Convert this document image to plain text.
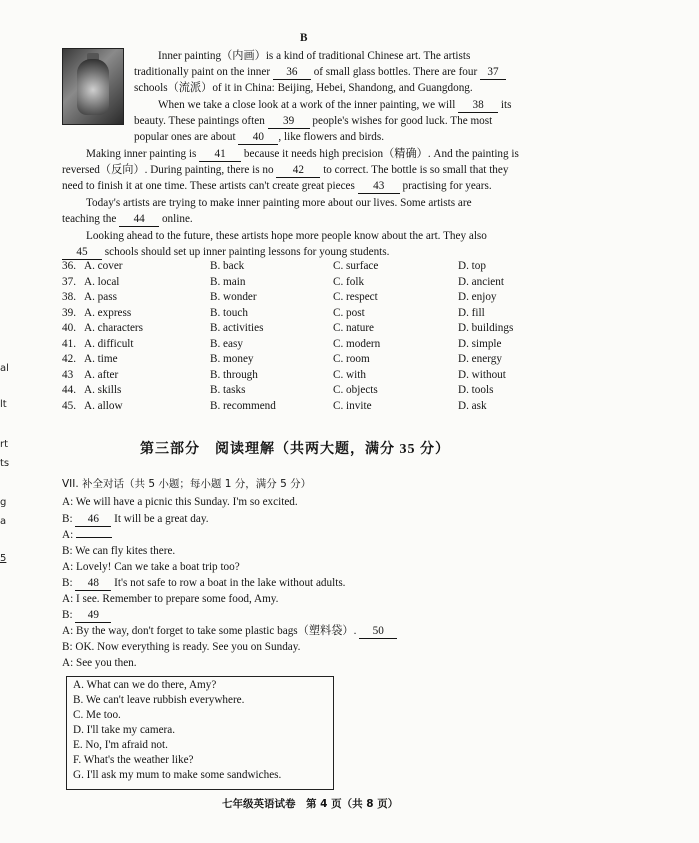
B
Inner painting（内画）is a kind of traditional Chinese art. The artists
traditionally paint on the inner 36 of small glass bottles. There are four 37
schools（流派）of it in China: Beijing, Hebei, Shandong, and Guangdong.
When we take a close look at a work of the inner painting, we will 38 its
beauty. These paintings often 39 people's wishes for good luck. The most
popular ones are about 40 , like flowers and birds.
Making inner painting is 41 because it needs high precision（精确）. And the painting is
reversed（反向）. During painting, there is no 42 to correct. The bottle is so small that they
need to finish it at one time. These artists can't create great pieces 43 practising for years.
Today's artists are trying to make inner painting more about our lives. Some artists are
teaching the 44 online.
Looking ahead to the future, these artists hope more people know about the art. They also
45 schools should set up inner painting lessons for young students.
36. A. cover	B. back	C. surface	D. top
37. A. local	B. main	C. folk	D. ancient
38. A. pass	B. wonder	C. respect	D. enjoy
39. A. express	B. touch	C. post	D. fill
40. A. characters	B. activities	C. nature	D. buildings
41. A. difficult	B. easy	C. modern	D. simple
42. A. time	B. money	C. room	D. energy
43 A. after	B. through	C. with	D. without
44. A. skills	B. tasks	C. objects	D. tools
45. A. allow	B. recommend	C. invite	D. ask
第三部分　阅读理解（共两大题，满分 35 分）
VII. 补全对话（共 5 小题；每小题 1 分，满分 5 分）
A: We will have a picnic this Sunday. I'm so excited.
B: 46 It will be a great day.
A:
B: We can fly kites there.
A: Lovely! Can we take a boat trip too?
B: 48 It's not safe to row a boat in the lake without adults.
A: I see. Remember to prepare some food, Amy.
B: 49
A: By the way, don't forget to take some plastic bags（塑料袋）. 50
B: OK. Now everything is ready. See you on Sunday.
A: See you then.
A. What can we do there, Amy?
B. We can't leave rubbish everywhere.
C. Me too.
D. I'll take my camera.
E. No, I'm afraid not.
F. What's the weather like?
G. I'll ask my mum to make some sandwiches.
七年级英语试卷　第 4 页（共 8 页）
al
lt
rt
ts
g
a
5
